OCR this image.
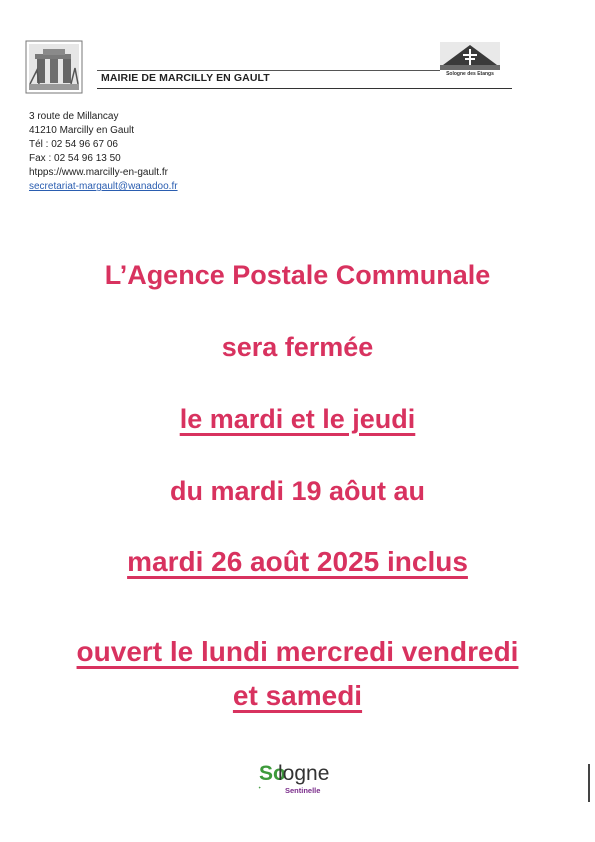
MAIRIE DE MARCILLY EN GAULT	Sologne des Étangs
3 route de Millancay
41210 Marcilly en Gault
Tél : 02 54 96 67 06
Fax : 02 54 96 13 50
htpps://www.marcilly-en-gault.fr
secretariat-margault@wanadoo.fr
L’Agence Postale Communale
sera fermée
le mardi et le jeudi
du mardi 19 aôut au
mardi 26 août 2025 inclus
ouvert le lundi mercredi vendredi
et samedi
✦
So
logne
Sentinelle
